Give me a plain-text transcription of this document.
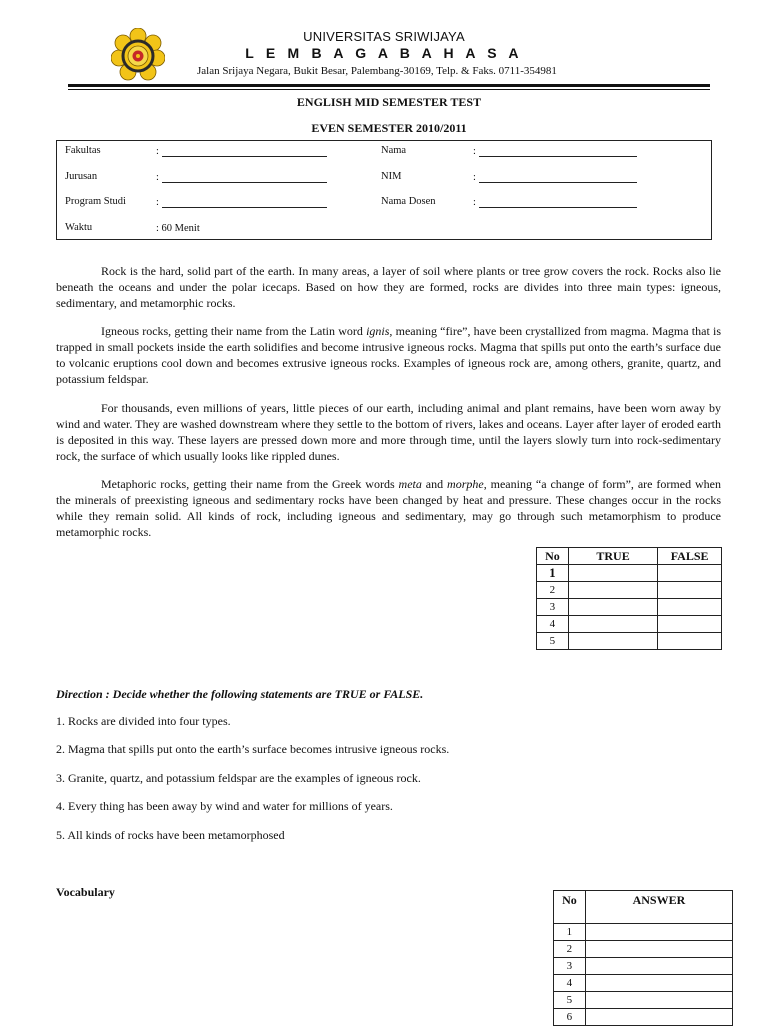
UNIVERSITAS SRIWIJAYA
L E M B A G A B A H A S A
Jalan Srijaya Negara, Bukit Besar, Palembang-30169, Telp. & Faks. 0711-354981
ENGLISH MID SEMESTER TEST
EVEN SEMESTER 2010/2011
Fakultas	:
Jurusan	:
Program Studi	:
Waktu	: 60 Menit
Nama	:
NIM	:
Nama Dosen	:

Rock is the hard, solid part of the earth. In many areas, a layer of soil where plants or tree grow covers the rock. Rocks also lie beneath the oceans and under the polar icecaps. Based on how they are formed, rocks are divides into three main types: igneous, sedimentary, and metamorphic rocks.

Igneous rocks, getting their name from the Latin word ignis, meaning “fire”, have been crystallized from magma. Magma that is trapped in small pockets inside the earth solidifies and become intrusive igneous rocks. Magma that spills put onto the earth’s surface due to volcanic eruptions cool down and becomes extrusive igneous rocks. Examples of igneous rock are, among others, granite, quartz, and potassium feldspar.

For thousands, even millions of years, little pieces of our earth, including animal and plant remains, have been worn away by wind and water. They are washed downstream where they settle to the bottom of rivers, lakes and oceans. Layer after layer of eroded earth is deposited in this way. These layers are pressed down more and more through time, until the layers slowly turn into rock-sedimentary rock, the surface of which usually looks like rippled dunes.

Metaphoric rocks, getting their name from the Greek words meta and morphe, meaning “a change of form”, are formed when the minerals of preexisting igneous and sedimentary rocks have been changed by heat and pressure. These changes occur in the rocks while they remain solid. All kinds of rock, including igneous and sedimentary, may go through such metamorphism to produce metamorphic rocks.

No	TRUE	FALSE
1		
2		
3		
4		
5		
Direction : Decide whether the following statements are TRUE or FALSE.
1. Rocks are divided into four types.
2. Magma that spills put onto the earth’s surface becomes intrusive igneous rocks.
3. Granite, quartz, and potassium feldspar are the examples of igneous rock.
4. Every thing has been away by wind and water for millions of years.
5. All kinds of rocks have been metamorphosed
Vocabulary
No	ANSWER
1	
2	
3	
4	
5	
6	
